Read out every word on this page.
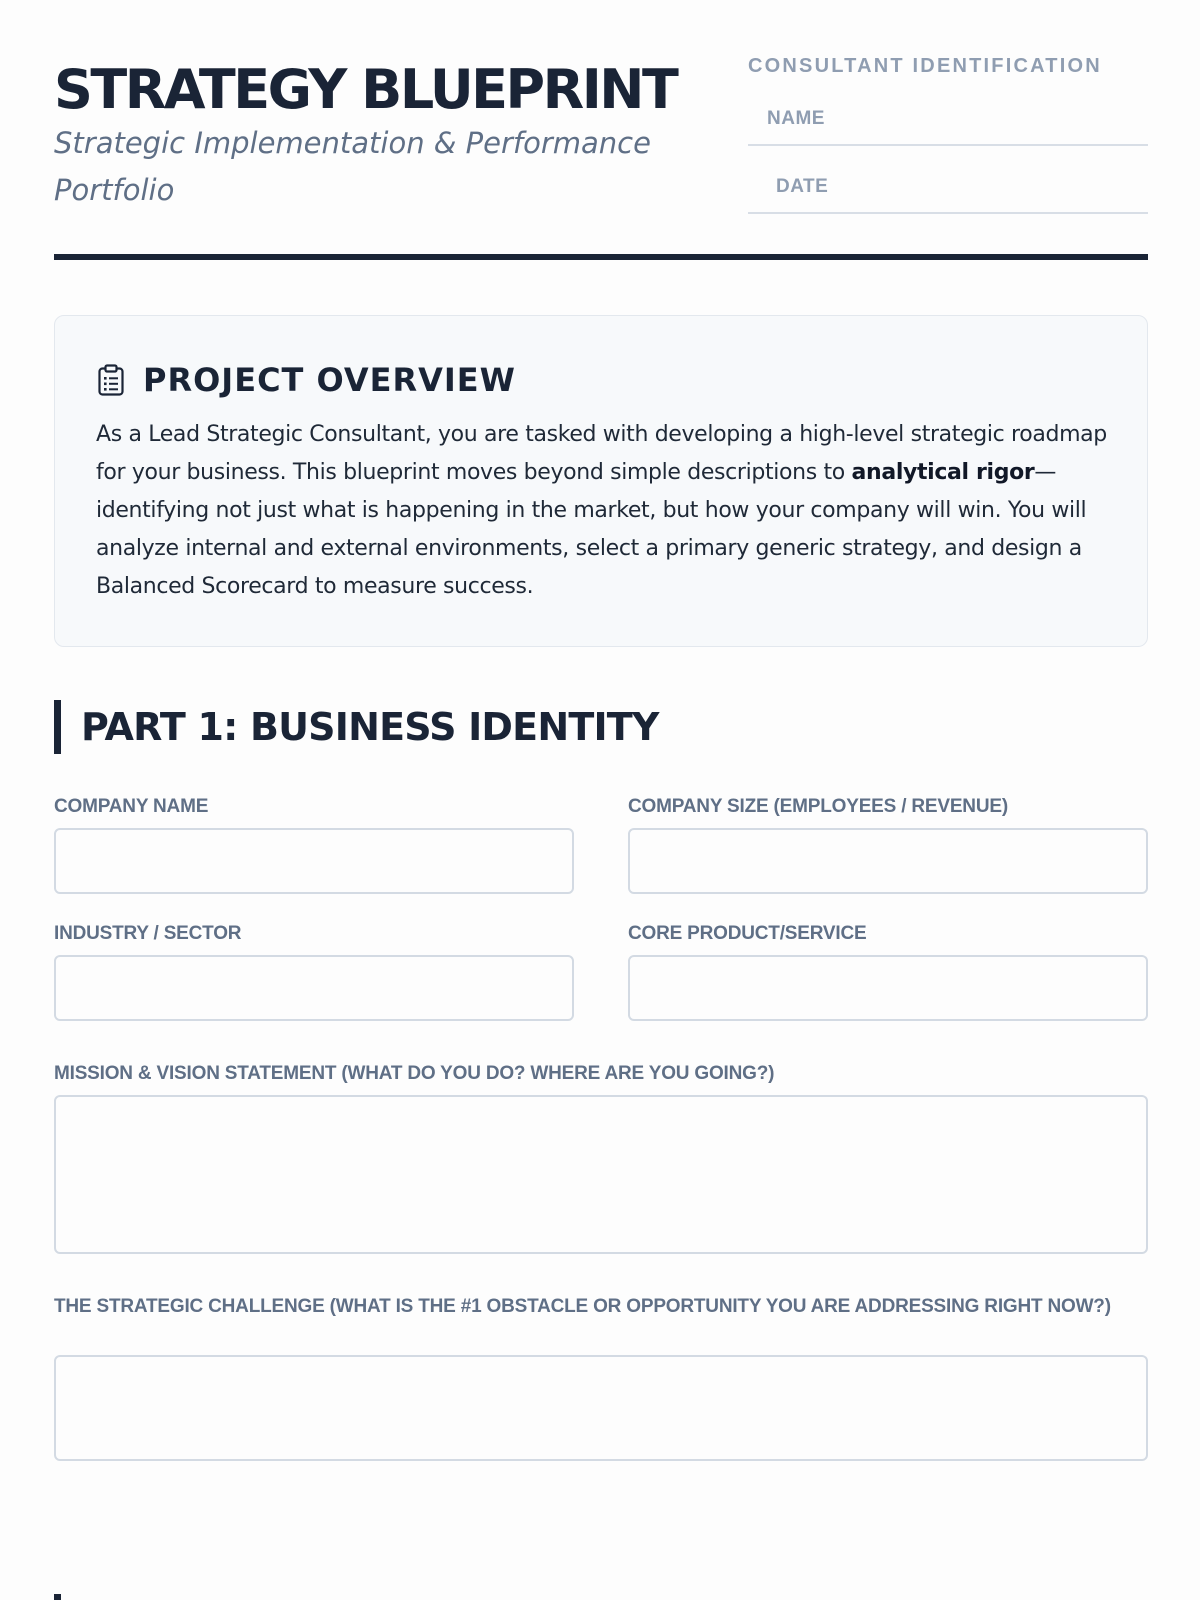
STRATEGY BLUEPRINT
Strategic Implementation & Performance Portfolio
CONSULTANT IDENTIFICATION
NAME
DATE
PROJECT OVERVIEW

As a Lead Strategic Consultant, you are tasked with developing a high-level strategic roadmap for your business. This blueprint moves beyond simple descriptions to analytical rigor—identifying not just what is happening in the market, but how your company will win. You will analyze internal and external environments, select a primary generic strategy, and design a Balanced Scorecard to measure success.

PART 1: BUSINESS IDENTITY
COMPANY NAME	COMPANY SIZE (EMPLOYEES / REVENUE)
INDUSTRY / SECTOR	CORE PRODUCT/SERVICE
MISSION & VISION STATEMENT (WHAT DO YOU DO? WHERE ARE YOU GOING?)
THE STRATEGIC CHALLENGE (WHAT IS THE #1 OBSTACLE OR OPPORTUNITY YOU ARE ADDRESSING RIGHT NOW?)
